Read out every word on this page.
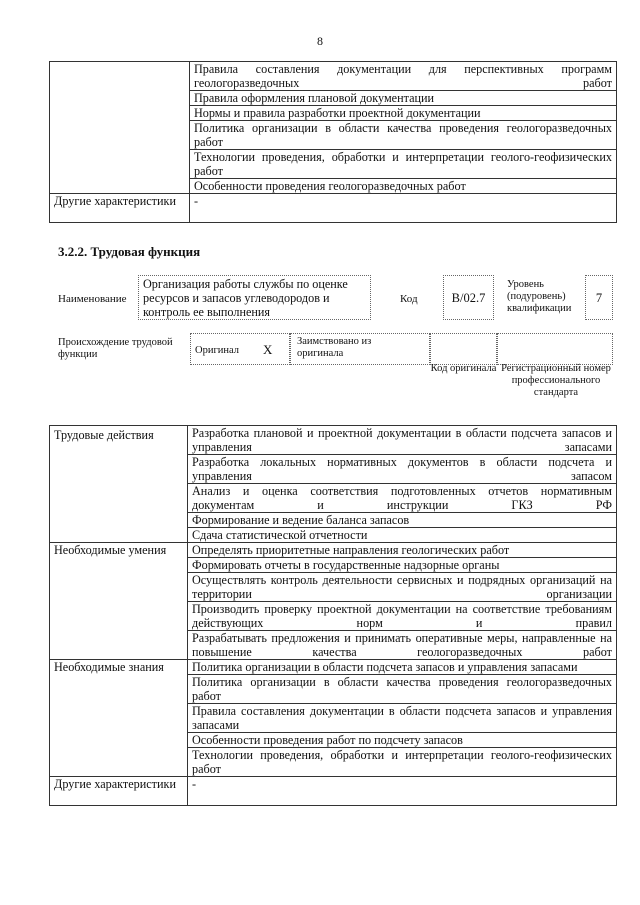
8
	Правила составления документации для перспективных программ геологоразведочных работ
	Правила оформления плановой документации
	Нормы и правила разработки проектной документации
	Политика организации в области качества проведения геологоразведочных работ
	Технологии проведения, обработки и интерпретации геолого-геофизических работ
	Особенности проведения геологоразведочных работ
Другие характеристики	-
3.2.2. Трудовая функция
Наименование
Организация работы службы по оценке ресурсов и запасов углеводородов и контроль ее выполнения
Код	В/02.7
Уровень (подуровень) квалификации
7
Происхождение трудовой функции	Оригинал X
Заимствовано из оригинала
Код оригинала Регистрационный номер профессионального стандарта
Трудовые действия	Разработка плановой и проектной документации в области подсчета запасов и управления запасами
	Разработка локальных нормативных документов в области подсчета и управления запасом
	Анализ и оценка соответствия подготовленных отчетов нормативным документам и инструкции ГКЗ РФ
	Формирование и ведение баланса запасов
	Сдача статистической отчетности
Необходимые умения	Определять приоритетные направления геологических работ
	Формировать отчеты в государственные надзорные органы
	Осуществлять контроль деятельности сервисных и подрядных организаций на территории организации
	Производить проверку проектной документации на соответствие требованиям действующих норм и правил
	Разрабатывать предложения и принимать оперативные меры, направленные на повышение качества геологоразведочных работ
Необходимые знания	Политика организации в области подсчета запасов и управления запасами
	Политика организации в области качества проведения геологоразведочных работ
	Правила составления документации в области подсчета запасов и управления запасами
	Особенности проведения работ по подсчету запасов
	Технологии проведения, обработки и интерпретации геолого-геофизических работ
Другие характеристики	-
